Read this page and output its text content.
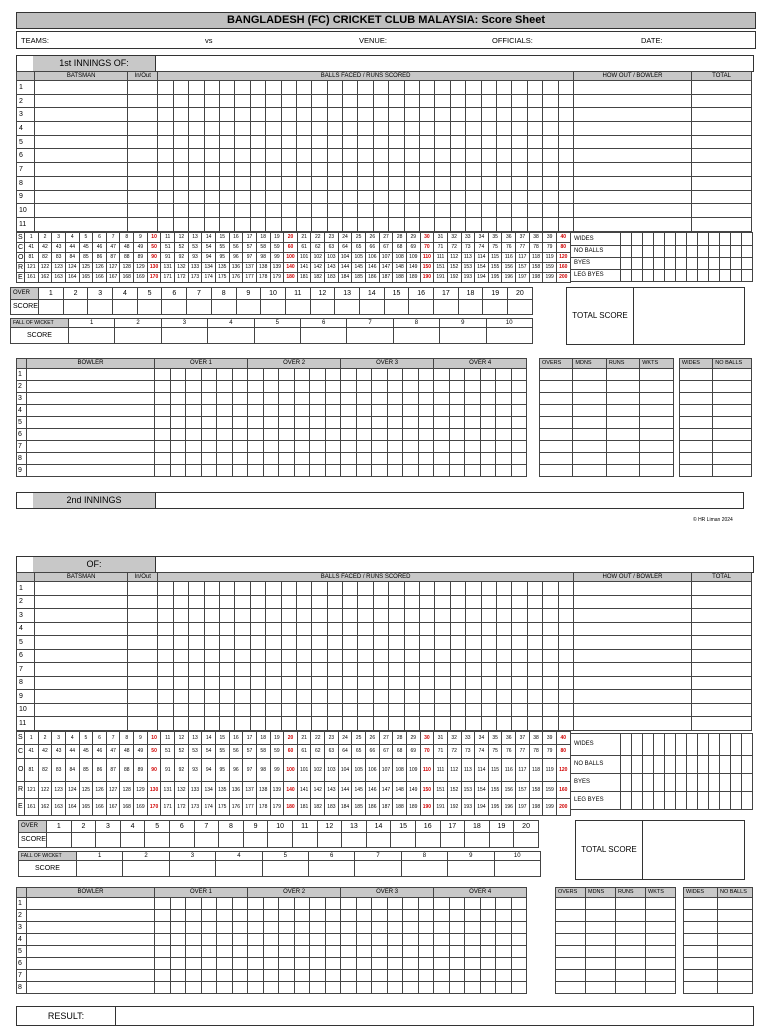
BANGLADESH (FC) CRICKET CLUB MALAYSIA: Score Sheet
TEAMS:	vs	VENUE:	OFFICIALS:	DATE:
1st INNINGS OF:
	BATSMAN	In/Out	BALLS FACED / RUNS SCORED																											HOW OUT / BOWLER	TOTAL
1																															
2																															
3																															
4																															
5																															
6																															
7																															
8																															
9																															
10																															
11																															
S	1	2	3	4	5	6	7	8	9	10	11	12	13	14	15	16	17	18	19	20	21	22	23	24	25	26	27	28	29	30	31	32	33	34	35	36	37	38	39	40
C	41	42	43	44	45	46	47	48	49	50	51	52	53	54	55	56	57	58	59	60	61	62	63	64	65	66	67	68	69	70	71	72	73	74	75	76	77	78	79	80
O	81	82	83	84	85	86	87	88	89	90	91	92	93	94	95	96	97	98	99	100	101	102	103	104	105	106	107	108	109	110	111	112	113	114	115	116	117	118	119	120
R	121	122	123	124	125	126	127	128	129	130	131	132	133	134	135	136	137	138	139	140	141	142	143	144	145	146	147	148	149	150	151	152	153	154	155	156	157	158	159	160
E	161	162	163	164	165	166	167	168	169	170	171	172	173	174	175	176	177	178	179	180	181	182	183	184	185	186	187	188	189	190	191	192	193	194	195	196	197	198	199	200
WIDES												
NO BALLS												
BYES												
LEG BYES												
OVER	1	2	3	4	5	6	7	8	9	10	11	12	13	14	15	16	17	18	19	20
SCORE																				
FALL OF WICKET	1	2	3	4	5	6	7	8	9	10
SCORE										
TOTAL SCORE
	BOWLER	OVER 1						OVER 2						OVER 3						OVER 4					
1																									
2																									
3																									
4																									
5																									
6																									
7																									
8																									
9																									
OVERS	MDNS	RUNS	WKTS		WIDES	NO BALLS

2nd INNINGS
OF:
	BATSMAN	In/Out	BALLS FACED / RUNS SCORED																											HOW OUT / BOWLER	TOTAL
1																															
2																															
3																															
4																															
5																															
6																															
7																															
8																															
9																															
10																															
11																															
S	1	2	3	4	5	6	7	8	9	10	11	12	13	14	15	16	17	18	19	20	21	22	23	24	25	26	27	28	29	30	31	32	33	34	35	36	37	38	39	40
C	41	42	43	44	45	46	47	48	49	50	51	52	53	54	55	56	57	58	59	60	61	62	63	64	65	66	67	68	69	70	71	72	73	74	75	76	77	78	79	80
O	81	82	83	84	85	86	87	88	89	90	91	92	93	94	95	96	97	98	99	100	101	102	103	104	105	106	107	108	109	110	111	112	113	114	115	116	117	118	119	120
R	121	122	123	124	125	126	127	128	129	130	131	132	133	134	135	136	137	138	139	140	141	142	143	144	145	146	147	148	149	150	151	152	153	154	155	156	157	158	159	160
E	161	162	163	164	165	166	167	168	169	170	171	172	173	174	175	176	177	178	179	180	181	182	183	184	185	186	187	188	189	190	191	192	193	194	195	196	197	198	199	200
WIDES												
NO BALLS												
BYES												
LEG BYES												
OVER	1	2	3	4	5	6	7	8	9	10	11	12	13	14	15	16	17	18	19	20
SCORE																				
FALL OF WICKET	1	2	3	4	5	6	7	8	9	10
SCORE										
TOTAL SCORE
	BOWLER	OVER 1						OVER 2						OVER 3						OVER 4					
1																									
2																									
3																									
4																									
5																									
6																									
7																									
8																									
OVERS	MDNS	RUNS	WKTS		WIDES	NO BALLS

© HR Liman 2024
RESULT:
